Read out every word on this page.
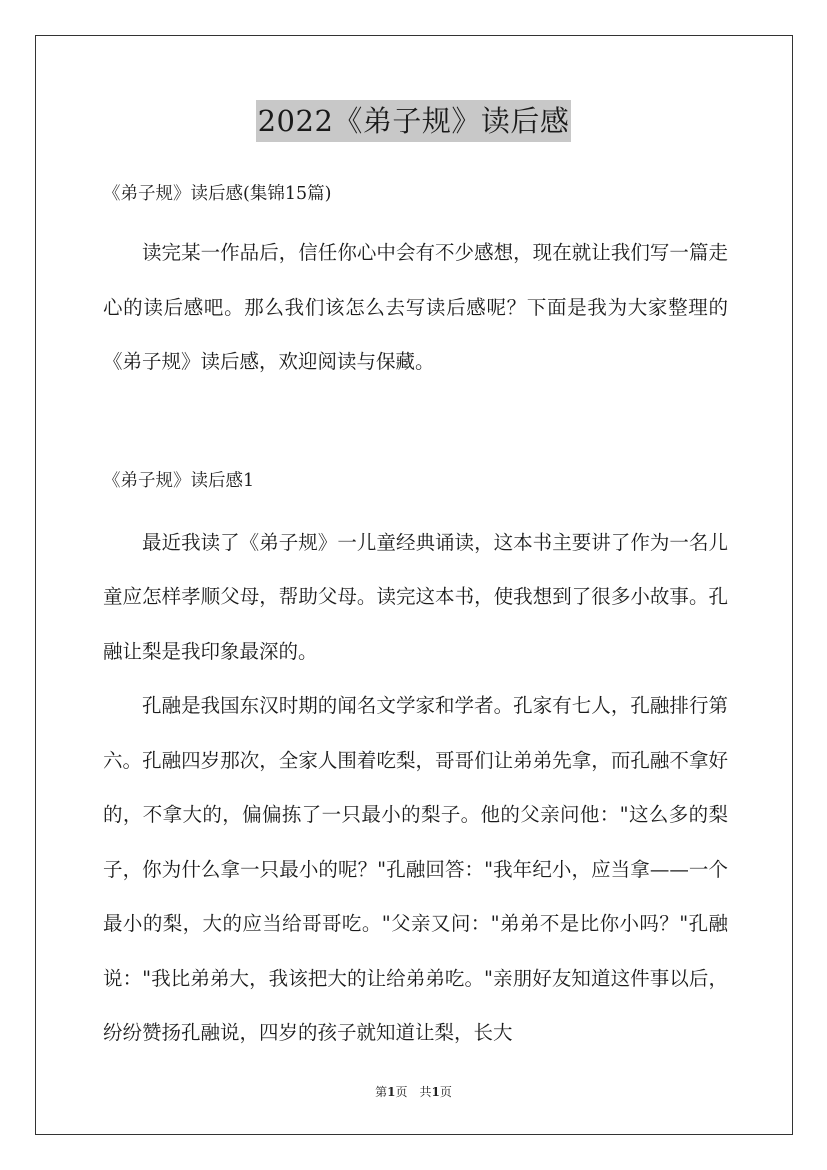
2022《弟子规》读后感

《弟子规》读后感(集锦15篇)

读完某一作品后，信任你心中会有不少感想，现在就让我们写一篇走心的读后感吧。那么我们该怎么去写读后感呢？下面是我为大家整理的《弟子规》读后感，欢迎阅读与保藏。

《弟子规》读后感1

最近我读了《弟子规》一儿童经典诵读，这本书主要讲了作为一名儿童应怎样孝顺父母，帮助父母。读完这本书，使我想到了很多小故事。孔融让梨是我印象最深的。

孔融是我国东汉时期的闻名文学家和学者。孔家有七人，孔融排行第六。孔融四岁那次，全家人围着吃梨，哥哥们让弟弟先拿，而孔融不拿好的，不拿大的，偏偏拣了一只最小的梨子。他的父亲问他："这么多的梨子，你为什么拿一只最小的呢？"孔融回答："我年纪小，应当拿——一个最小的梨，大的应当给哥哥吃。"父亲又问："弟弟不是比你小吗？"孔融说："我比弟弟大，我该把大的让给弟弟吃。"亲朋好友知道这件事以后，纷纷赞扬孔融说，四岁的孩子就知道让梨，长大

第1页　共1页
